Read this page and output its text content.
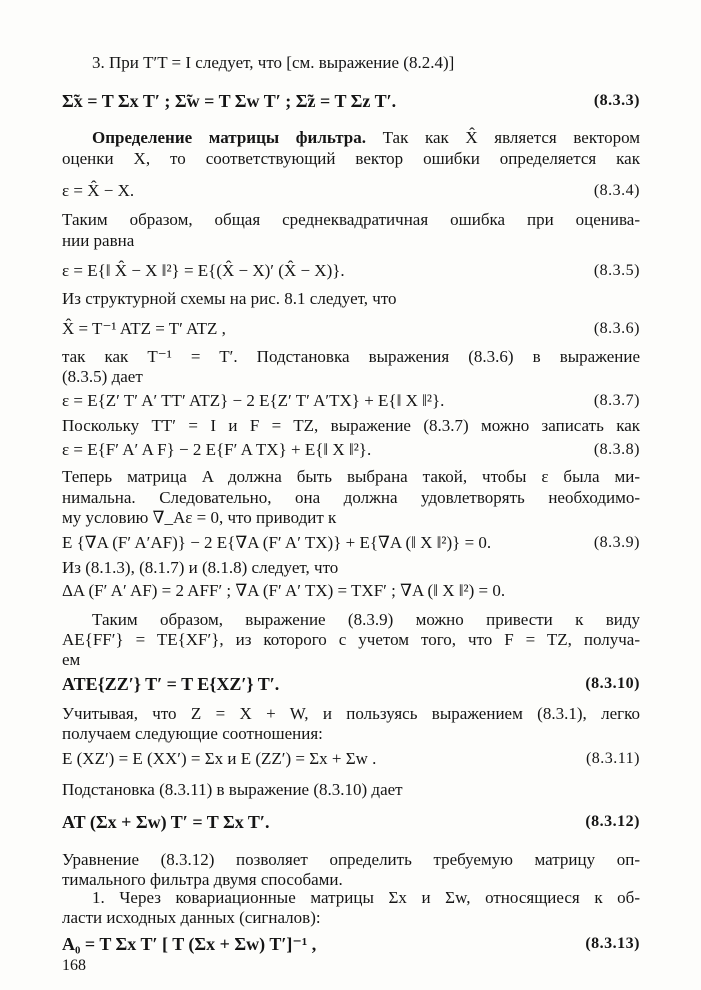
3. При T′T = I следует, что [см. выражение (8.2.4)]
Σ̃x = T Σx T′ ; Σ̃w = T Σw T′ ; Σ̃z = T Σz T′.	(8.3.3)
Определение матрицы фильтра. Так как X̂ является вектором
оценки X, то соответствующий вектор ошибки определяется как
ε = X̂ − X.	(8.3.4)
Таким образом, общая среднеквадратичная ошибка при оценива-
нии равна
ε = E{‖ X̂ − X ‖²} = E{(X̂ − X)′ (X̂ − X)}.	(8.3.5)
Из структурной схемы на рис. 8.1 следует, что
X̂ = T⁻¹ ATZ = T′ ATZ ,	(8.3.6)
так как T⁻¹ = T′. Подстановка выражения (8.3.6) в выражение
(8.3.5) дает
ε = E{Z′ T′ A′ TT′ ATZ} − 2 E{Z′ T′ A′TX} + E{‖ X ‖²}.	(8.3.7)
Поскольку TT′ = I и F = TZ, выражение (8.3.7) можно записать как
ε = E{F′ A′ A F} − 2 E{F′ A TX} + E{‖ X ‖²}.	(8.3.8)
Теперь матрица A должна быть выбрана такой, чтобы ε была ми-
нимальна. Следовательно, она должна удовлетворять необходимо-
му условию ∇_Aε = 0, что приводит к
E {∇A (F′ A′AF)} − 2 E{∇A (F′ A′ TX)} + E{∇A (‖ X ‖²)} = 0.	(8.3.9)
Из (8.1.3), (8.1.7) и (8.1.8) следует, что
ΔA (F′ A′ AF) = 2 AFF′ ; ∇A (F′ A′ TX) = TXF′ ; ∇A (‖ X ‖²) = 0.
Таким образом, выражение (8.3.9) можно привести к виду
AE{FF′} = TE{XF′}, из которого с учетом того, что F = TZ, получа-
ем
ATE{ZZ′} T′ = T E{XZ′} T′.	(8.3.10)
Учитывая, что Z = X + W, и пользуясь выражением (8.3.1), легко
получаем следующие соотношения:
E (XZ′) = E (XX′) = Σx и E (ZZ′) = Σx + Σw .	(8.3.11)
Подстановка (8.3.11) в выражение (8.3.10) дает
AT (Σx + Σw) T′ = T Σx T′.	(8.3.12)
Уравнение (8.3.12) позволяет определить требуемую матрицу оп-
тимального фильтра двумя способами.
1. Через ковариационные матрицы Σx и Σw, относящиеся к об-
ласти исходных данных (сигналов):
A₀ = T Σx T′ [ T (Σx + Σw) T′]⁻¹ ,	(8.3.13)
168
